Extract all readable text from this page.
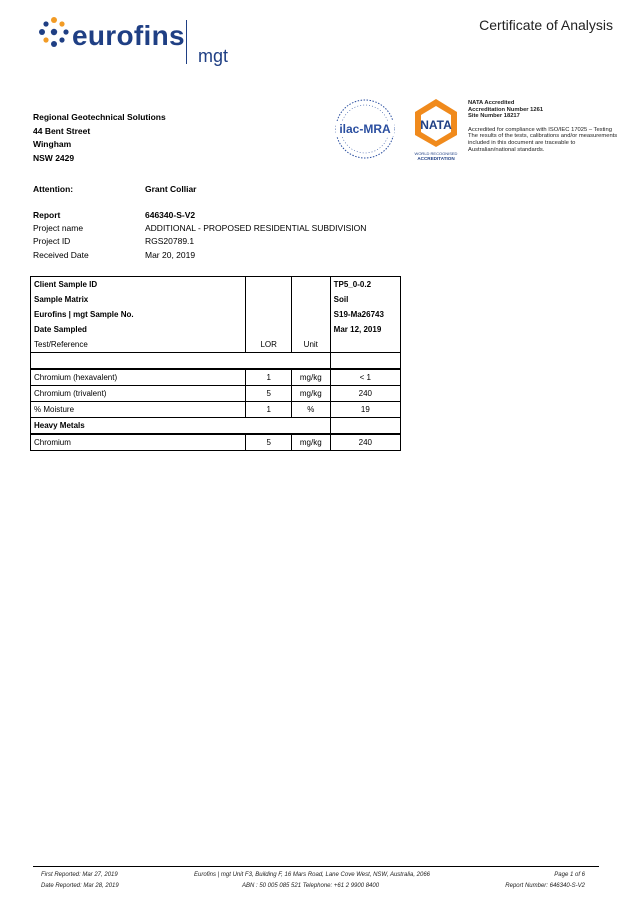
eurofins
mgt
Certificate of Analysis
Regional Geotechnical Solutions
44 Bent Street
Wingham
NSW 2429
ilac-MRA NATA
WORLD RECOGNISED
ACCREDITATION
NATA Accredited
Accreditation Number 1261
Site Number 18217
Accredited for compliance with ISO/IEC 17025 – Testing The results of the tests, calibrations and/or measurements included in this document are traceable to Australian/national standards.
Attention:	Grant Colliar
Report	646340-S-V2
Project name	ADDITIONAL - PROPOSED RESIDENTIAL SUBDIVISION
Project ID	RGS20789.1
Received Date	Mar 20, 2019
Client Sample ID			TP5_0-0.2
Sample Matrix			Soil
Eurofins | mgt Sample No.			S19-Ma26743
Date Sampled			Mar 12, 2019
Test/Reference	LOR	Unit	

Chromium (hexavalent)	1	mg/kg	< 1
Chromium (trivalent)	5	mg/kg	240
% Moisture	1	%	19
Heavy Metals			
Chromium	5	mg/kg	240
First Reported: Mar 27, 2019
Date Reported: Mar 28, 2019
Eurofins | mgt Unit F3, Building F, 16 Mars Road, Lane Cove West, NSW, Australia, 2066
ABN : 50 005 085 521 Telephone: +61 2 9900 8400
Page 1 of 6
Report Number: 646340-S-V2
